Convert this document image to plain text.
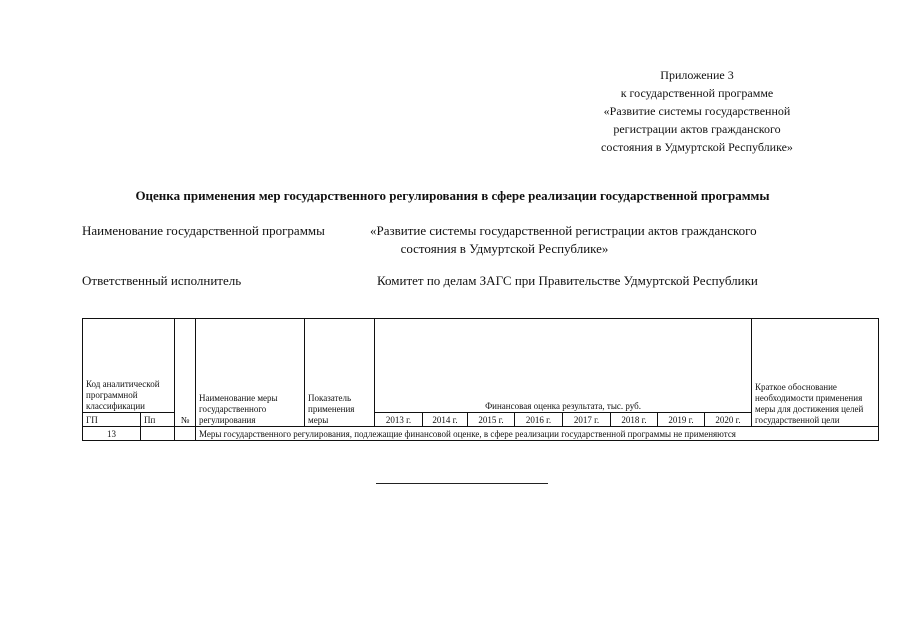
Приложение 3
к государственной программе
«Развитие системы государственной
регистрации актов гражданского
состояния в Удмуртской Республике»
Оценка применения мер государственного регулирования в сфере реализации государственной программы
Наименование государственной программы	«Развитие системы государственной регистрации актов гражданского
состояния в Удмуртской Республике»
Ответственный исполнитель	Комитет по делам ЗАГС при Правительстве Удмуртской Республики
Код аналитической программной классификации		№	Наименование меры государственного регулирования	Показатель применения меры	Финансовая оценка результата, тыс. руб.								Краткое обоснование необходимости применения меры для достижения целей государственной цели
ГП	Пп				2013 г.	2014 г.	2015 г.	2016 г.	2017 г.	2018 г.	2019 г.	2020 г.	
13			Меры государственного регулирования, подлежащие финансовой оценке, в сфере реализации государственной программы не применяются										
